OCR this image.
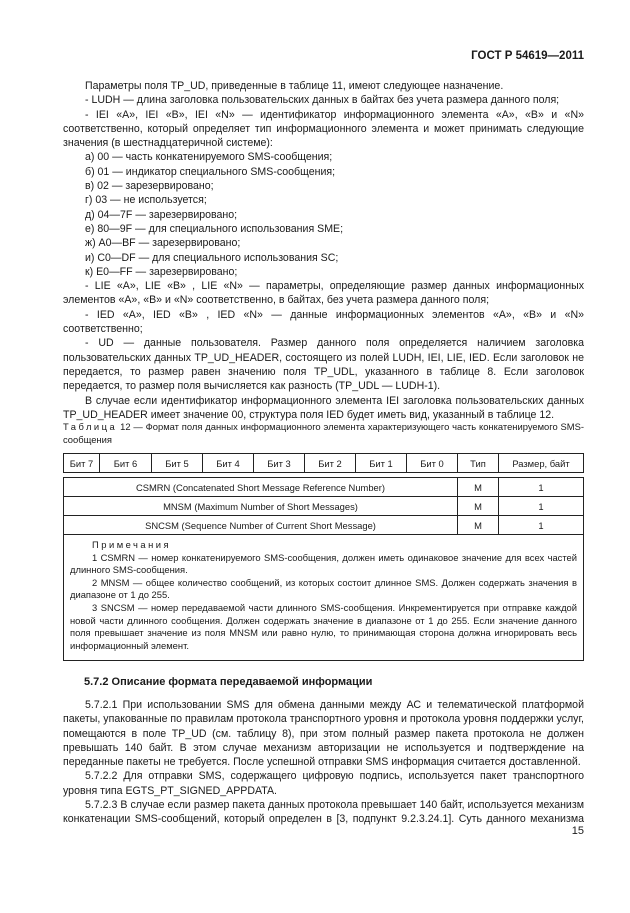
ГОСТ Р 54619—2011

Параметры поля TP_UD, приведенные в таблице 11, имеют следующее назначение.

- LUDH — длина заголовка пользовательских данных в байтах без учета размера данного поля;

- IEI «A», IEI «B», IEI «N» — идентификатор информационного элемента «A», «B» и «N» соответственно, который определяет тип информационного элемента и может принимать следующие значения (в шестнадцатеричной системе):

а) 00 — часть конкатенируемого SMS-сообщения;

б) 01 — индикатор специального SMS-сообщения;

в) 02 — зарезервировано;

г) 03 — не используется;

д) 04—7F — зарезервировано;

е) 80—9F — для специального использования SME;

ж) A0—BF — зарезервировано;

и) C0—DF — для специального использования SC;

к) E0—FF — зарезервировано;

- LIE «A», LIE «B» , LIE «N» — параметры, определяющие размер данных информационных элементов «A», «B» и «N» соответственно, в байтах, без учета размера данного поля;

- IED «A», IED «B» , IED «N» — данные информационных элементов «A», «B» и «N» соответственно;

- UD — данные пользователя. Размер данного поля определяется наличием заголовка пользовательских данных TP_UD_HEADER, состоящего из полей LUDH, IEI, LIE, IED. Если заголовок не передается, то размер равен значению поля TP_UDL, указанного в таблице 8. Если заголовок передается, то размер поля вычисляется как разность (TP_UDL — LUDH-1).

В случае если идентификатор информационного элемента IEI заголовка пользовательских данных TP_UD_HEADER имеет значение 00, структура поля IED будет иметь вид, указанный в таблице 12.

Таблица 12 — Формат поля данных информационного элемента характеризующего часть конкатенируемого SMS-сообщения
Бит 7	Бит 6	Бит 5	Бит 4	Бит 3	Бит 2	Бит 1	Бит 0	Тип	Размер, байт

CSMRN (Concatenated Short Message Reference Number)								M	1
MNSM (Maximum Number of Short Messages)								M	1
SNCSM (Sequence Number of Current Short Message)								M	1

Примечания
1 CSMRN — номер конкатенируемого SMS-сообщения, должен иметь одинаковое значение для всех частей длинного SMS-сообщения.
2 MNSM — общее количество сообщений, из которых состоит длинное SMS. Должен содержать значения в диапазоне от 1 до 255.
3 SNCSM — номер передаваемой части длинного SMS-сообщения. Инкрементируется при отправке каждой новой части длинного сообщения. Должен содержать значение в диапазоне от 1 до 255. Если значение данного поля превышает значение из поля MNSM или равно нулю, то принимающая сторона должна игнорировать весь информационный элемент.									
5.7.2 Описание формата передаваемой информации

5.7.2.1 При использовании SMS для обмена данными между АС и телематической платформой пакеты, упакованные по правилам протокола транспортного уровня и протокола уровня поддержки услуг, помещаются в поле TP_UD (см. таблицу 8), при этом полный размер пакета протокола не должен превышать 140 байт. В этом случае механизм авторизации не используется и подтверждение на переданные пакеты не требуется. После успешной отправки SMS информация считается доставленной.

5.7.2.2 Для отправки SMS, содержащего цифровую подпись, используется пакет транспортного уровня типа EGTS_PT_SIGNED_APPDATA.

5.7.2.3 В случае если размер пакета данных протокола превышает 140 байт, используется механизм конкатенации SMS-сообщений, который определен в [3, подпункт 9.2.3.24.1]. Суть данного механизма

15
